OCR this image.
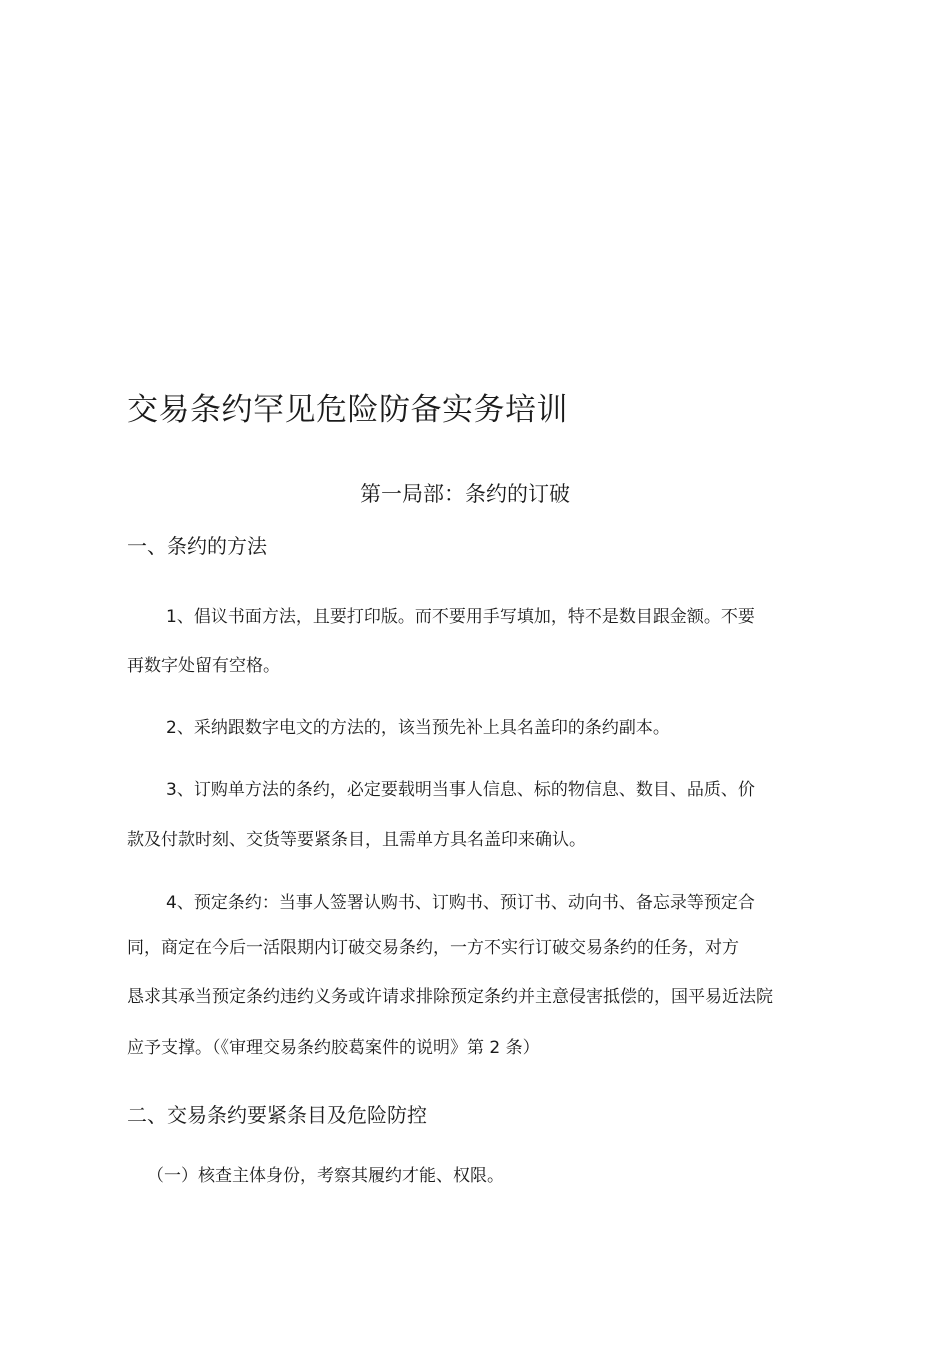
交易条约罕见危险防备实务培训
第一局部：条约的订破
一、条约的方法
1、倡议书面方法，且要打印版。而不要用手写填加，特不是数目跟金额。不要
再数字处留有空格。
2、采纳跟数字电文的方法的，该当预先补上具名盖印的条约副本。
3、订购单方法的条约，必定要载明当事人信息、标的物信息、数目、品质、价
款及付款时刻、交货等要紧条目，且需单方具名盖印来确认。
4、预定条约：当事人签署认购书、订购书、预订书、动向书、备忘录等预定合
同，商定在今后一活限期内订破交易条约，一方不实行订破交易条约的任务，对方
恳求其承当预定条约违约义务或许请求排除预定条约并主意侵害抵偿的，国平易近法院
应予支撑。（《审理交易条约胶葛案件的说明》第 2 条）
二、交易条约要紧条目及危险防控
（一）核查主体身份，考察其履约才能、权限。
